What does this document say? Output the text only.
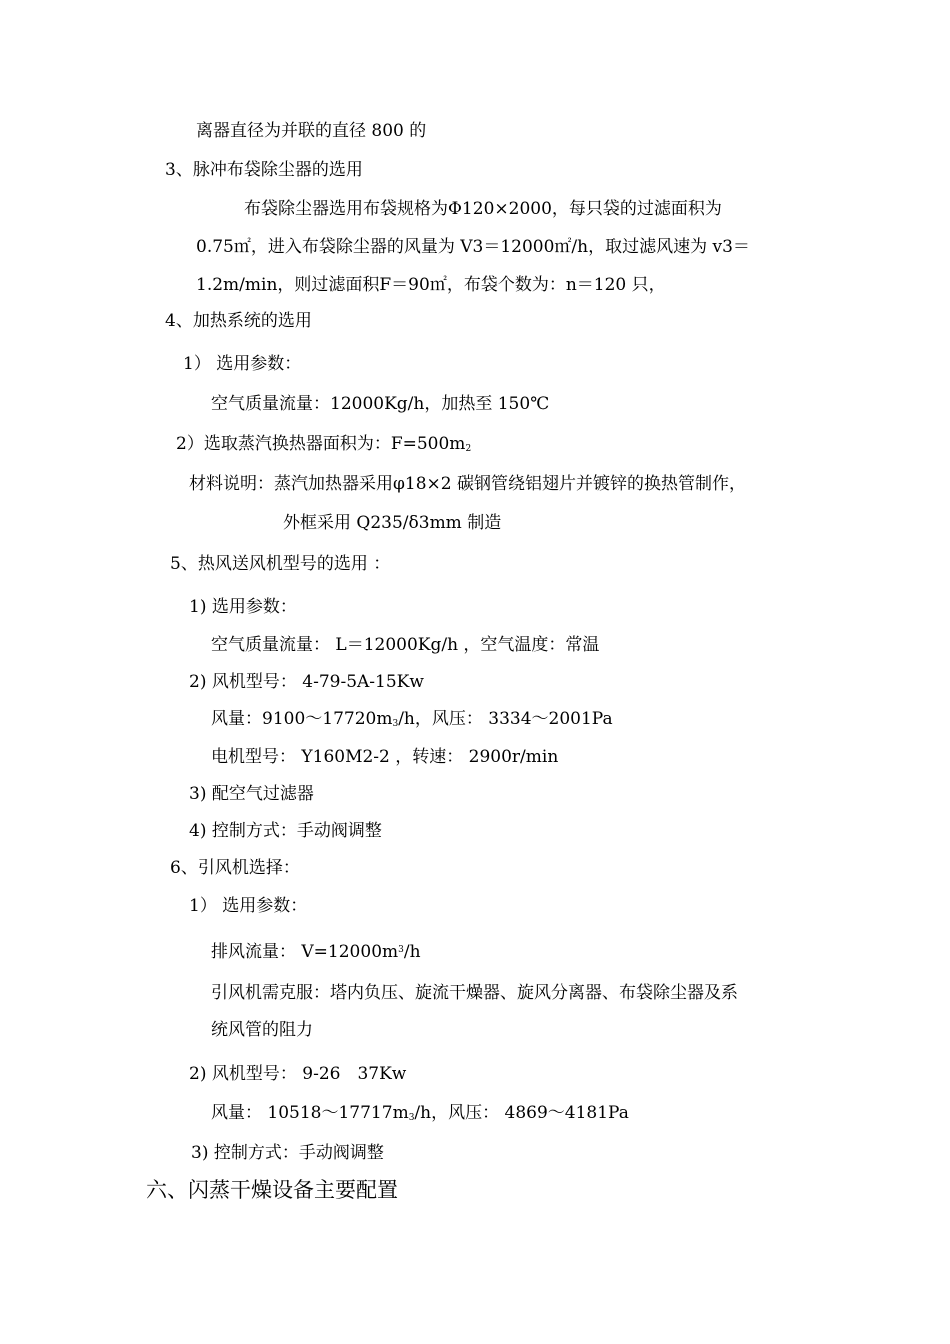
离器直径为并联的直径 800 的
3、脉冲布袋除尘器的选用
布袋除尘器选用布袋规格为Φ120×2000，每只袋的过滤面积为
0.75㎡，进入布袋除尘器的风量为 V3＝12000㎡/h，取过滤风速为 v3＝
1.2m/min，则过滤面积F＝90㎡，布袋个数为：n＝120 只，
4、加热系统的选用
1） 选用参数：
空气质量流量：12000Kg/h，加热至 150℃
2）选取蒸汽换热器面积为：$F=500m_2$
材料说明：蒸汽加热器采用φ18×2 碳钢管绕铝翅片并镀锌的换热管制作，
外框采用 Q235/δ3mm 制造
5、热风送风机型号的选用 ：
1) 选用参数：
空气质量流量： L＝12000Kg/h ，空气温度：常温
2) 风机型号： 4-79-5A-15Kw
风量：$9100\sim 17720m_3/h$，风压： 3334～2001Pa
电机型号： Y160M2-2 ，转速： 2900r/min
3) 配空气过滤器
4) 控制方式：手动阀调整
6、引风机选择：
1） 选用参数：
排风流量： $V=12000m^3/h$
引风机需克服：塔内负压、旋流干燥器、旋风分离器、布袋除尘器及系
统风管的阻力
2) 风机型号： 9-26　37Kw
风量： $10518\sim 17717m_3/h$，风压： 4869～4181Pa
3) 控制方式：手动阀调整
六、闪蒸干燥设备主要配置
